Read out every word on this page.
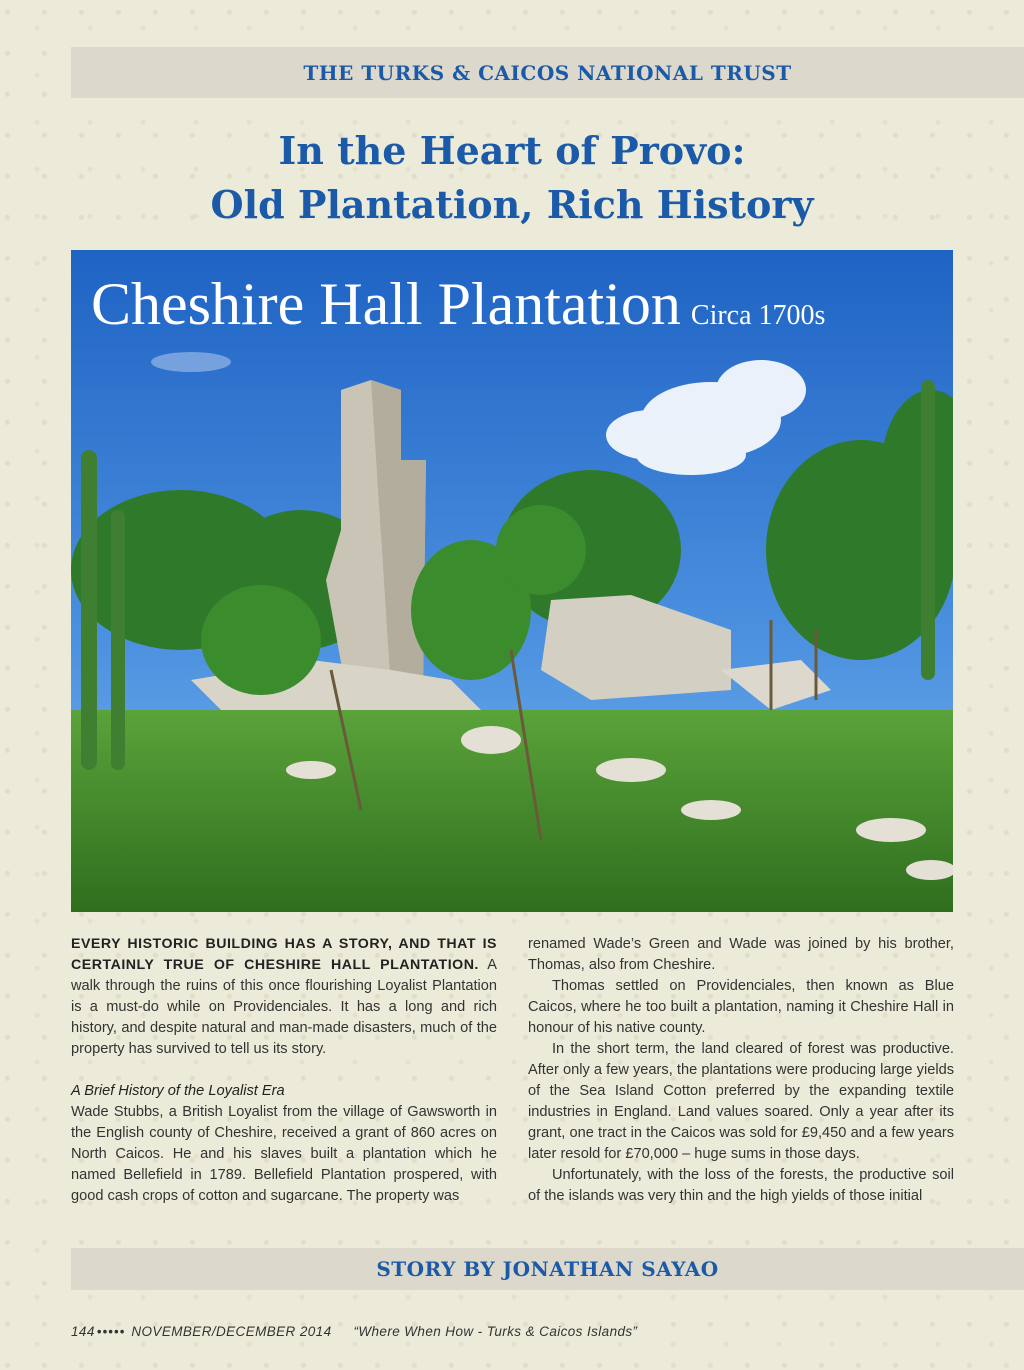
THE TURKS & CAICOS NATIONAL TRUST
In the Heart of Provo:
Old Plantation, Rich History
Cheshire Hall Plantation Circa 1700s

EVERY HISTORIC BUILDING HAS A STORY, AND THAT IS CERTAINLY TRUE OF CHESHIRE HALL PLANTATION. A walk through the ruins of this once flourishing Loyalist Plantation is a must-do while on Providenciales. It has a long and rich history, and despite natural and man-made disasters, much of the property has survived to tell us its story.

A Brief History of the Loyalist Era

Wade Stubbs, a British Loyalist from the village of Gawsworth in the English county of Cheshire, received a grant of 860 acres on North Caicos. He and his slaves built a plantation which he named Bellefield in 1789. Bellefield Plantation prospered, with good cash crops of cotton and sugarcane. The property was

renamed Wade’s Green and Wade was joined by his brother, Thomas, also from Cheshire.

Thomas settled on Providenciales, then known as Blue Caicos, where he too built a plantation, naming it Cheshire Hall in honour of his native county.

In the short term, the land cleared of forest was productive. After only a few years, the plantations were producing large yields of the Sea Island Cotton preferred by the expanding textile industries in England. Land values soared. Only a year after its grant, one tract in the Caicos was sold for £9,450 and a few years later resold for £70,000 – huge sums in those days.

Unfortunately, with the loss of the forests, the productive soil of the islands was very thin and the high yields of those initial

STORY BY JONATHAN SAYAO
144 ••••• NOVEMBER/DECEMBER 2014 “Where When How - Turks & Caicos Islands”
